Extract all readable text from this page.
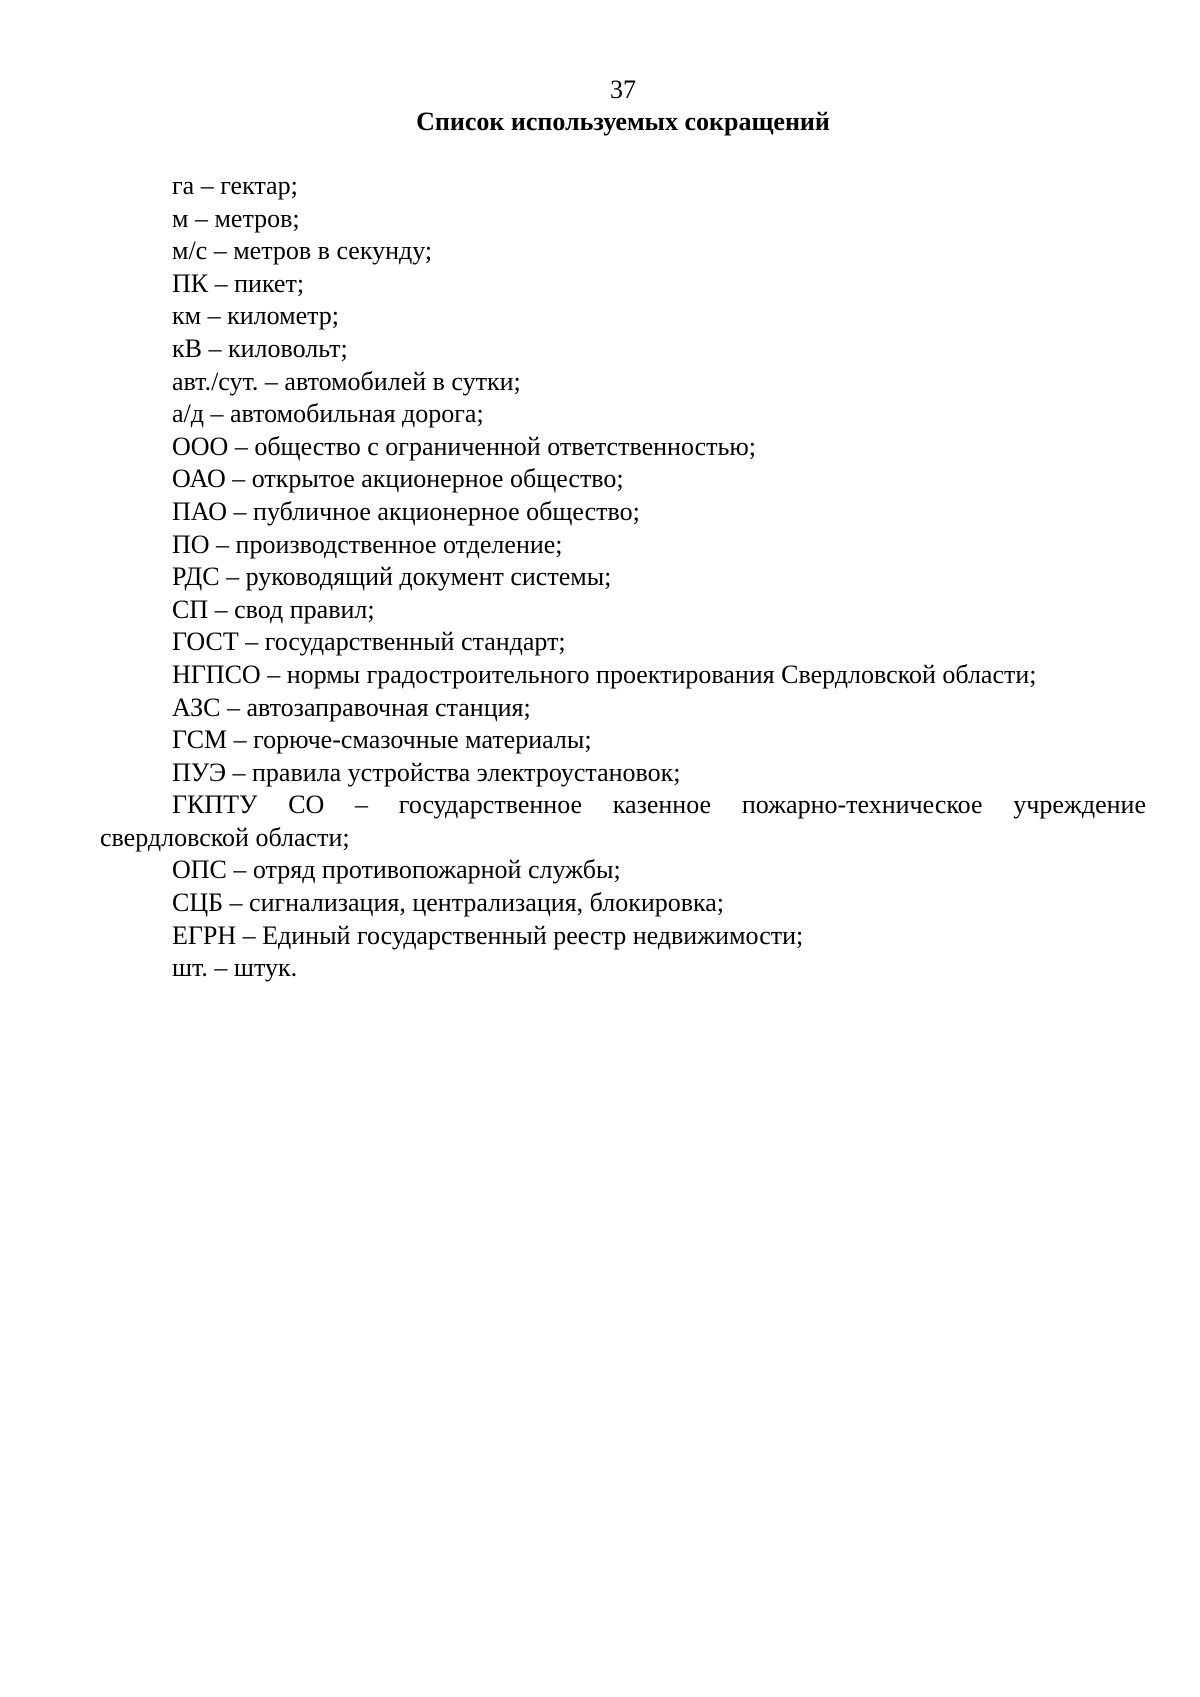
37
Список используемых сокращений
га – гектар;
м – метров;
м/с – метров в секунду;
ПК – пикет;
км – километр;
кВ – киловольт;
авт./сут. – автомобилей в сутки;
а/д – автомобильная дорога;
ООО – общество с ограниченной ответственностью;
ОАО – открытое акционерное общество;
ПАО – публичное акционерное общество;
ПО – производственное отделение;
РДС – руководящий документ системы;
СП – свод правил;
ГОСТ – государственный стандарт;
НГПСО – нормы градостроительного проектирования Свердловской области;
АЗС – автозаправочная станция;
ГСМ – горюче-смазочные материалы;
ПУЭ – правила устройства электроустановок;
ГКПТУ СО – государственное казенное пожарно-техническое учреждение свердловской области;
ОПС – отряд противопожарной службы;
СЦБ – сигнализация, централизация, блокировка;
ЕГРН – Единый государственный реестр недвижимости;
шт. – штук.
